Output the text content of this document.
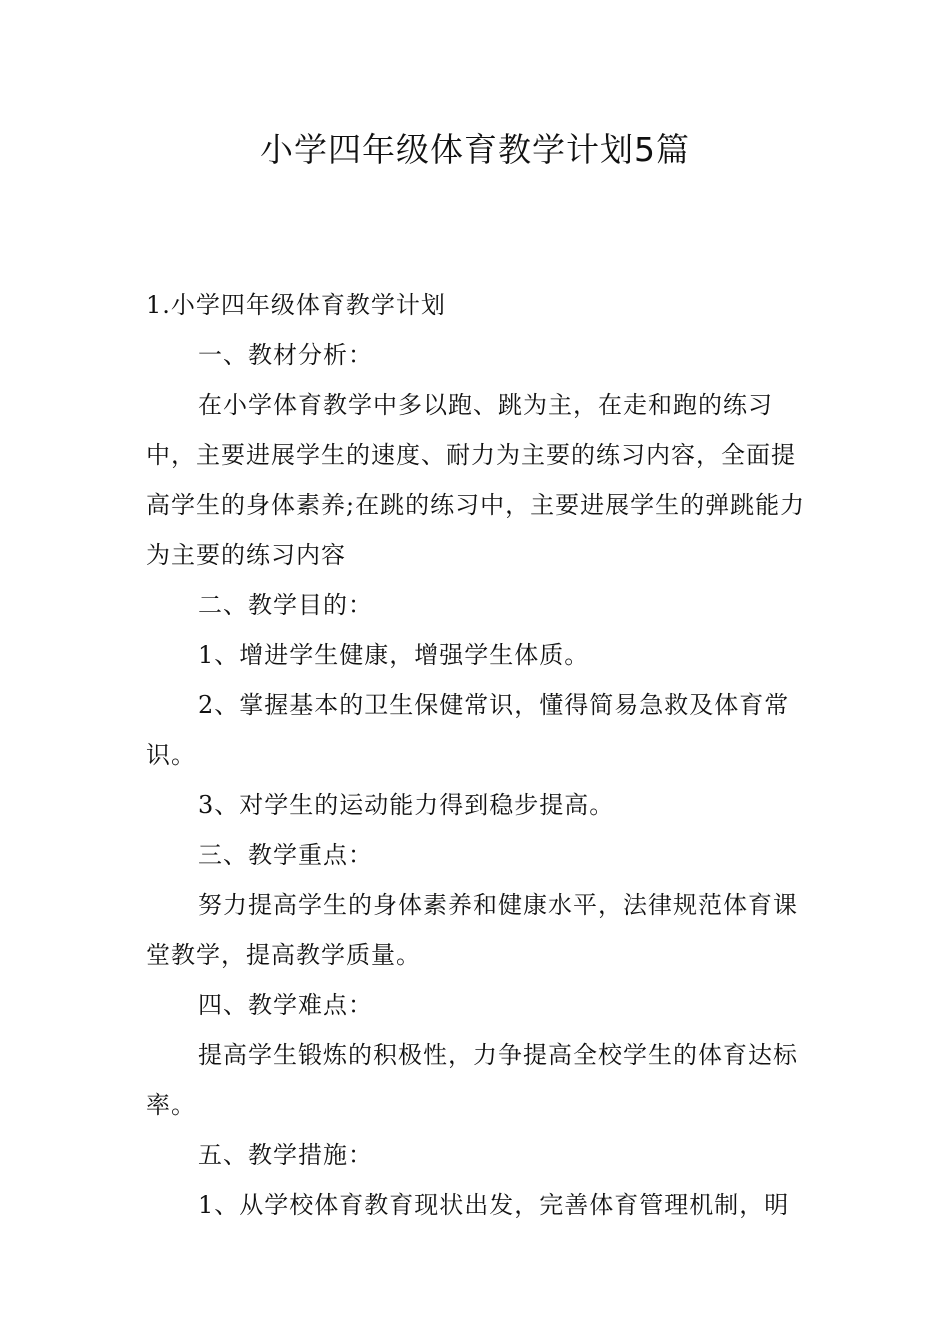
小学四年级体育教学计划5篇

1.小学四年级体育教学计划

一、教材分析：

在小学体育教学中多以跑、跳为主，在走和跑的练习中，主要进展学生的速度、耐力为主要的练习内容，全面提高学生的身体素养;在跳的练习中，主要进展学生的弹跳能力为主要的练习内容

二、教学目的：

1、增进学生健康，增强学生体质。

2、掌握基本的卫生保健常识，懂得简易急救及体育常识。

3、对学生的运动能力得到稳步提高。

三、教学重点：

努力提高学生的身体素养和健康水平，法律规范体育课堂教学，提高教学质量。

四、教学难点：

提高学生锻炼的积极性，力争提高全校学生的体育达标率。

五、教学措施：

1、从学校体育教育现状出发，完善体育管理机制，明
